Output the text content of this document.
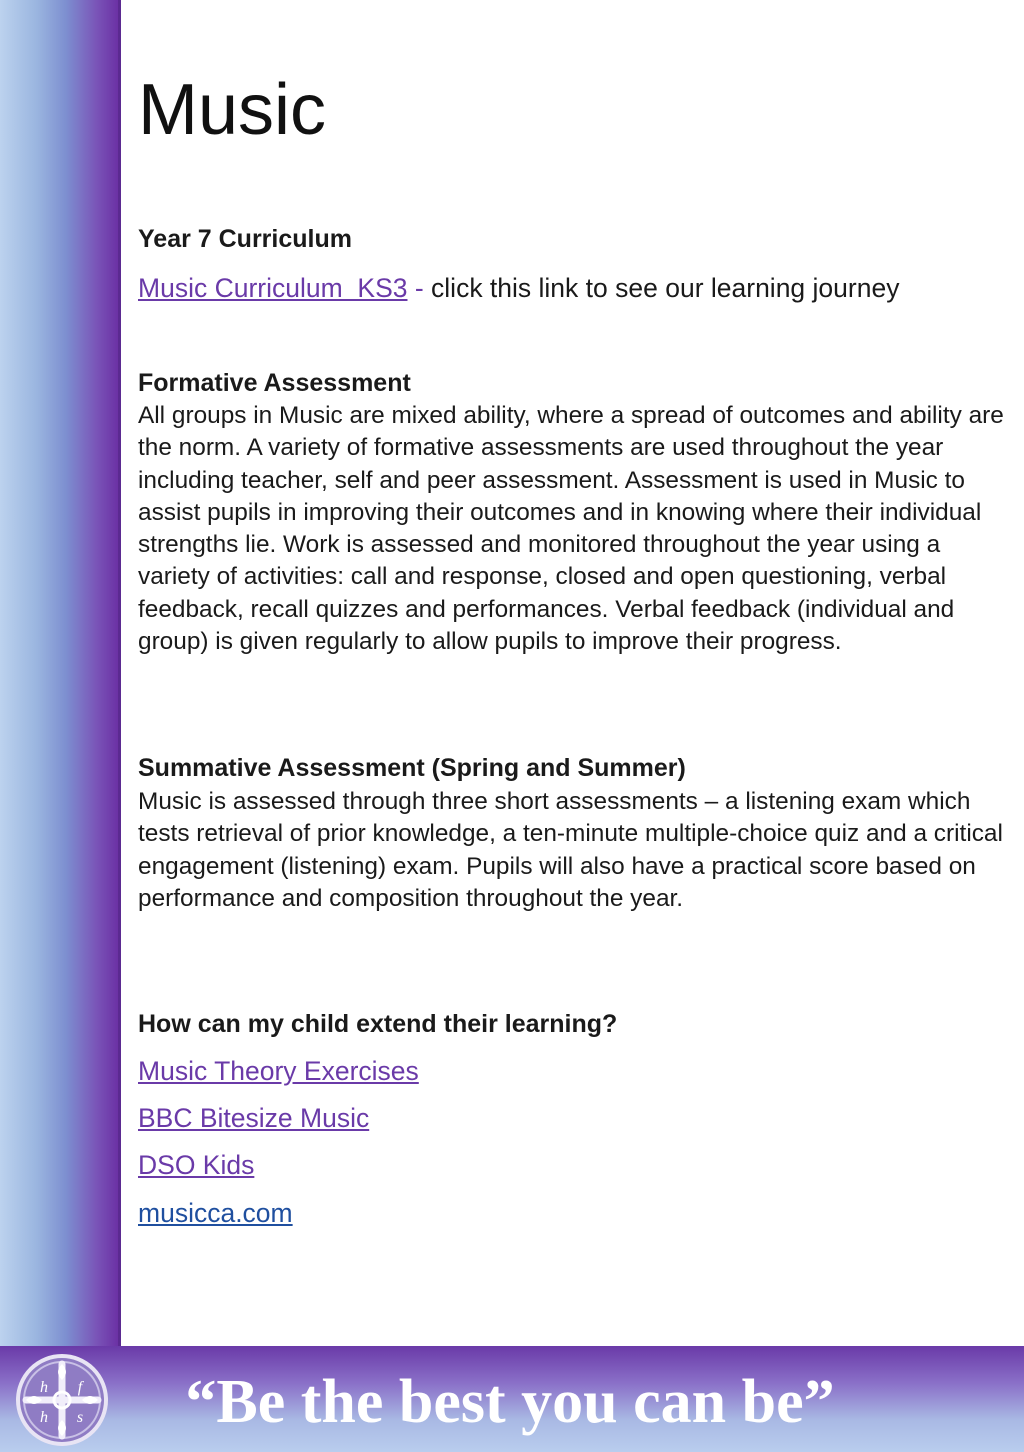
Music
Year 7 Curriculum
Music Curriculum  KS3 - click this link to see our learning journey
Formative Assessment

All groups in Music are mixed ability, where a spread of outcomes and ability are the norm. A variety of formative assessments are used throughout the year including teacher, self and peer assessment. Assessment is used in Music to assist pupils in improving their outcomes and in knowing where their individual strengths lie. Work is assessed and monitored throughout the year using a variety of activities: call and response, closed and open questioning, verbal feedback, recall quizzes and performances. Verbal feedback (individual and group) is given regularly to allow pupils to improve their progress.

Summative Assessment (Spring and Summer)

Music is assessed through three short assessments – a listening exam which tests retrieval of prior knowledge, a ten-minute multiple-choice quiz and a critical engagement (listening) exam. Pupils will also have a practical score based on performance and composition throughout the year.

How can my child extend their learning?
Music Theory Exercises
BBC Bitesize Music
DSO Kids
musicca.com
h f
h s	“Be the best you can be”
